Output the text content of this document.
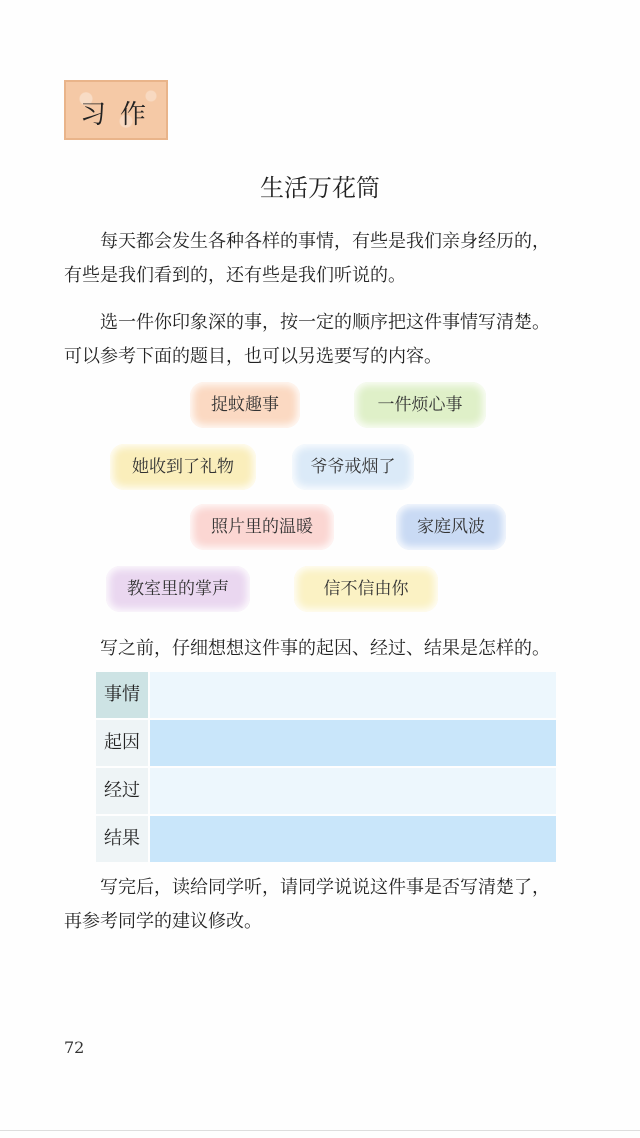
习作
生活万花筒

每天都会发生各种各样的事情，有些是我们亲身经历的，有些是我们看到的，还有些是我们听说的。

选一件你印象深的事，按一定的顺序把这件事情写清楚。可以参考下面的题目，也可以另选要写的内容。

捉蚊趣事	一件烦心事
她收到了礼物	爷爷戒烟了
照片里的温暖	家庭风波
教室里的掌声	信不信由你

写之前，仔细想想这件事的起因、经过、结果是怎样的。

事情
起因
经过
结果

写完后，读给同学听，请同学说说这件事是否写清楚了，再参考同学的建议修改。

72
